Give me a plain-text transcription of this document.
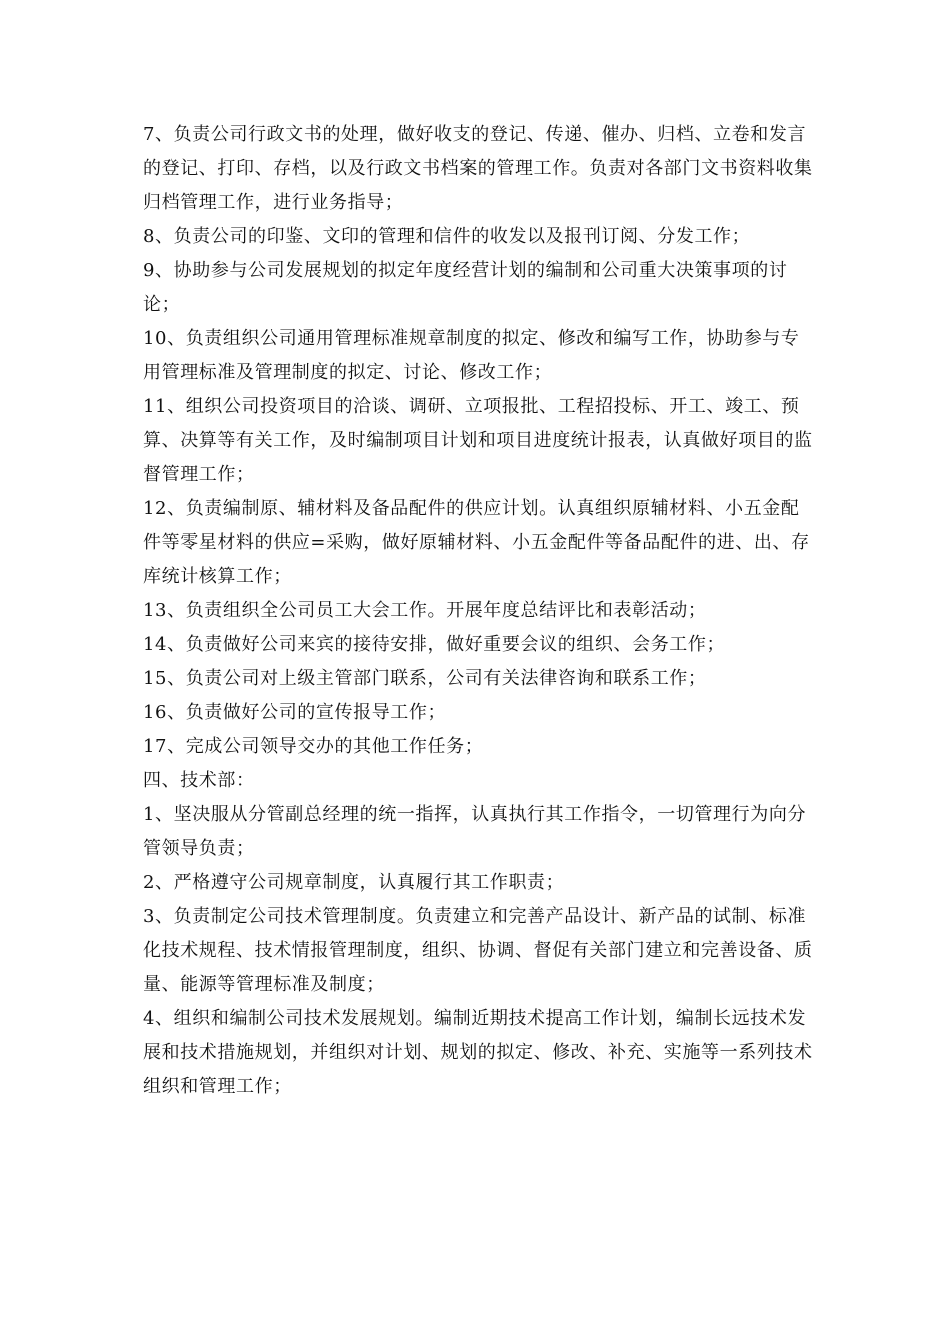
7、负责公司行政文书的处理，做好收支的登记、传递、催办、归档、立卷和发言的登记、打印、存档，以及行政文书档案的管理工作。负责对各部门文书资料收集归档管理工作，进行业务指导；

8、负责公司的印鉴、文印的管理和信件的收发以及报刊订阅、分发工作；

9、协助参与公司发展规划的拟定年度经营计划的编制和公司重大决策事项的讨论；

10、负责组织公司通用管理标准规章制度的拟定、修改和编写工作，协助参与专用管理标准及管理制度的拟定、讨论、修改工作；

11、组织公司投资项目的洽谈、调研、立项报批、工程招投标、开工、竣工、预算、决算等有关工作，及时编制项目计划和项目进度统计报表，认真做好项目的监督管理工作；

12、负责编制原、辅材料及备品配件的供应计划。认真组织原辅材料、小五金配件等零星材料的供应=采购，做好原辅材料、小五金配件等备品配件的进、出、存库统计核算工作；

13、负责组织全公司员工大会工作。开展年度总结评比和表彰活动；

14、负责做好公司来宾的接待安排，做好重要会议的组织、会务工作；

15、负责公司对上级主管部门联系，公司有关法律咨询和联系工作；

16、负责做好公司的宣传报导工作；

17、完成公司领导交办的其他工作任务；

四、技术部：

1、坚决服从分管副总经理的统一指挥，认真执行其工作指令，一切管理行为向分管领导负责；

2、严格遵守公司规章制度，认真履行其工作职责；

3、负责制定公司技术管理制度。负责建立和完善产品设计、新产品的试制、标准化技术规程、技术情报管理制度，组织、协调、督促有关部门建立和完善设备、质量、能源等管理标准及制度；

4、组织和编制公司技术发展规划。编制近期技术提高工作计划，编制长远技术发展和技术措施规划，并组织对计划、规划的拟定、修改、补充、实施等一系列技术组织和管理工作；
